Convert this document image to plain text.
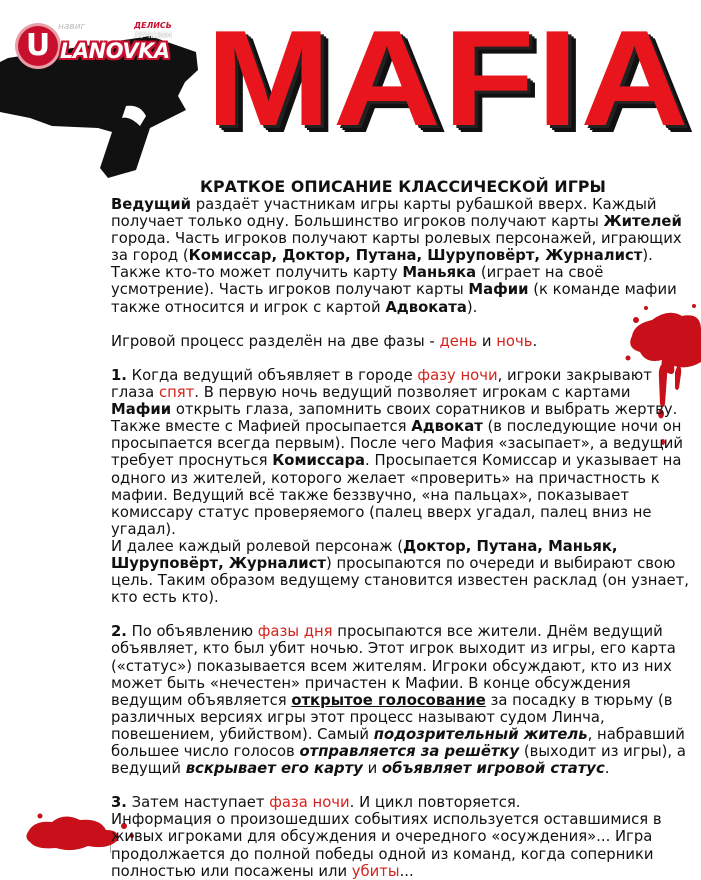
навиг
U LANOVKA
ДЕЛИСЬ
ЛУЧШИМ MAFIA
КРАТКОЕ ОПИСАНИЕ КЛАССИЧЕСКОЙ ИГРЫ

Ведущий раздаёт участникам игры карты рубашкой вверх. Каждый получает только одну. Большинство игроков получают карты Жителей города. Часть игроков получают карты ролевых персонажей, играющих за город (Комиссар, Доктор, Путана, Шуруповёрт, Журналист). Также кто-то может получить карту Маньяка (играет на своё усмотрение). Часть игроков получают карты Мафии (к команде мафии также относится и игрок с картой Адвоката).

Игровой процесс разделён на две фазы - день и ночь.

1. Когда ведущий объявляет в городе фазу ночи, игроки закрывают глаза спят. В первую ночь ведущий позволяет игрокам с картами Мафии открыть глаза, запомнить своих соратников и выбрать жертву. Также вместе с Мафией просыпается Адвокат (в последующие ночи он просыпается всегда первым). После чего Мафия «засыпает», а ведущий требует проснуться Комиссара. Просыпается Комиссар и указывает на одного из жителей, которого желает «проверить» на причастность к мафии. Ведущий всё также беззвучно, «на пальцах», показывает комиссару статус проверяемого (палец вверх угадал, палец вниз не угадал).

И далее каждый ролевой персонаж (Доктор, Путана, Маньяк, Шуруповёрт, Журналист) просыпаются по очереди и выбирают свою цель. Таким образом ведущему становится известен расклад (он узнает, кто есть кто).

2. По объявлению фазы дня просыпаются все жители. Днём ведущий объявляет, кто был убит ночью. Этот игрок выходит из игры, его карта («статус») показывается всем жителям. Игроки обсуждают, кто из них может быть «нечестен» причастен к Мафии. В конце обсуждения ведущим объявляется открытое голосование за посадку в тюрьму (в различных версиях игры этот процесс называют судом Линча, повешением, убийством). Самый подозрительный житель, набравший большее число голосов отправляется за решётку (выходит из игры), а ведущий вскрывает его карту и объявляет игровой статус.

3. Затем наступает фаза ночи. И цикл повторяется.

Информация о произошедших событиях используется оставшимися в живых игроками для обсуждения и очередного «осуждения»... Игра продолжается до полной победы одной из команд, когда соперники полностью или посажены или убиты...
